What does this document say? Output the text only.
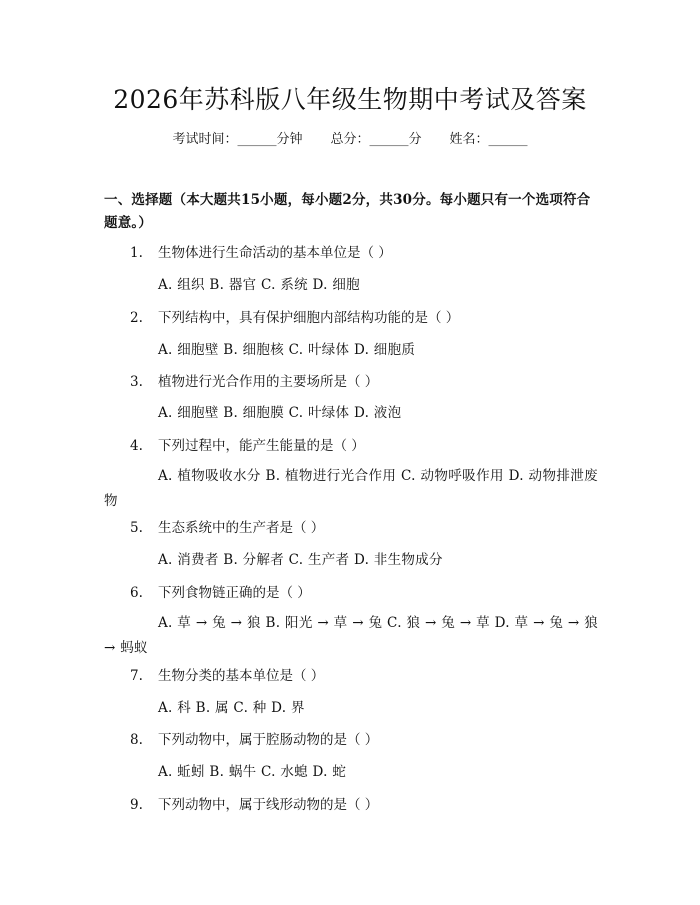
2026年苏科版八年级生物期中考试及答案
考试时间：______分钟 总分：______分 姓名：______
一、选择题（本大题共15小题，每小题2分，共30分。每小题只有一个选项符合题意。）
1.	生物体进行生命活动的基本单位是（ ）
A. 组织 B. 器官 C. 系统 D. 细胞
2.	下列结构中，具有保护细胞内部结构功能的是（ ）
A. 细胞壁 B. 细胞核 C. 叶绿体 D. 细胞质
3.	植物进行光合作用的主要场所是（ ）
A. 细胞壁 B. 细胞膜 C. 叶绿体 D. 液泡
4.	下列过程中，能产生能量的是（ ）
A. 植物吸收水分 B. 植物进行光合作用 C. 动物呼吸作用 D. 动物排泄废物
5.	生态系统中的生产者是（ ）
A. 消费者 B. 分解者 C. 生产者 D. 非生物成分
6.	下列食物链正确的是（ ）
A. 草 → 兔 → 狼 B. 阳光 → 草 → 兔 C. 狼 → 兔 → 草 D. 草 → 兔 → 狼 → 蚂蚁
7.	生物分类的基本单位是（ ）
A. 科 B. 属 C. 种 D. 界
8.	下列动物中，属于腔肠动物的是（ ）
A. 蚯蚓 B. 蜗牛 C. 水螅 D. 蛇
9.	下列动物中，属于线形动物的是（ ）
